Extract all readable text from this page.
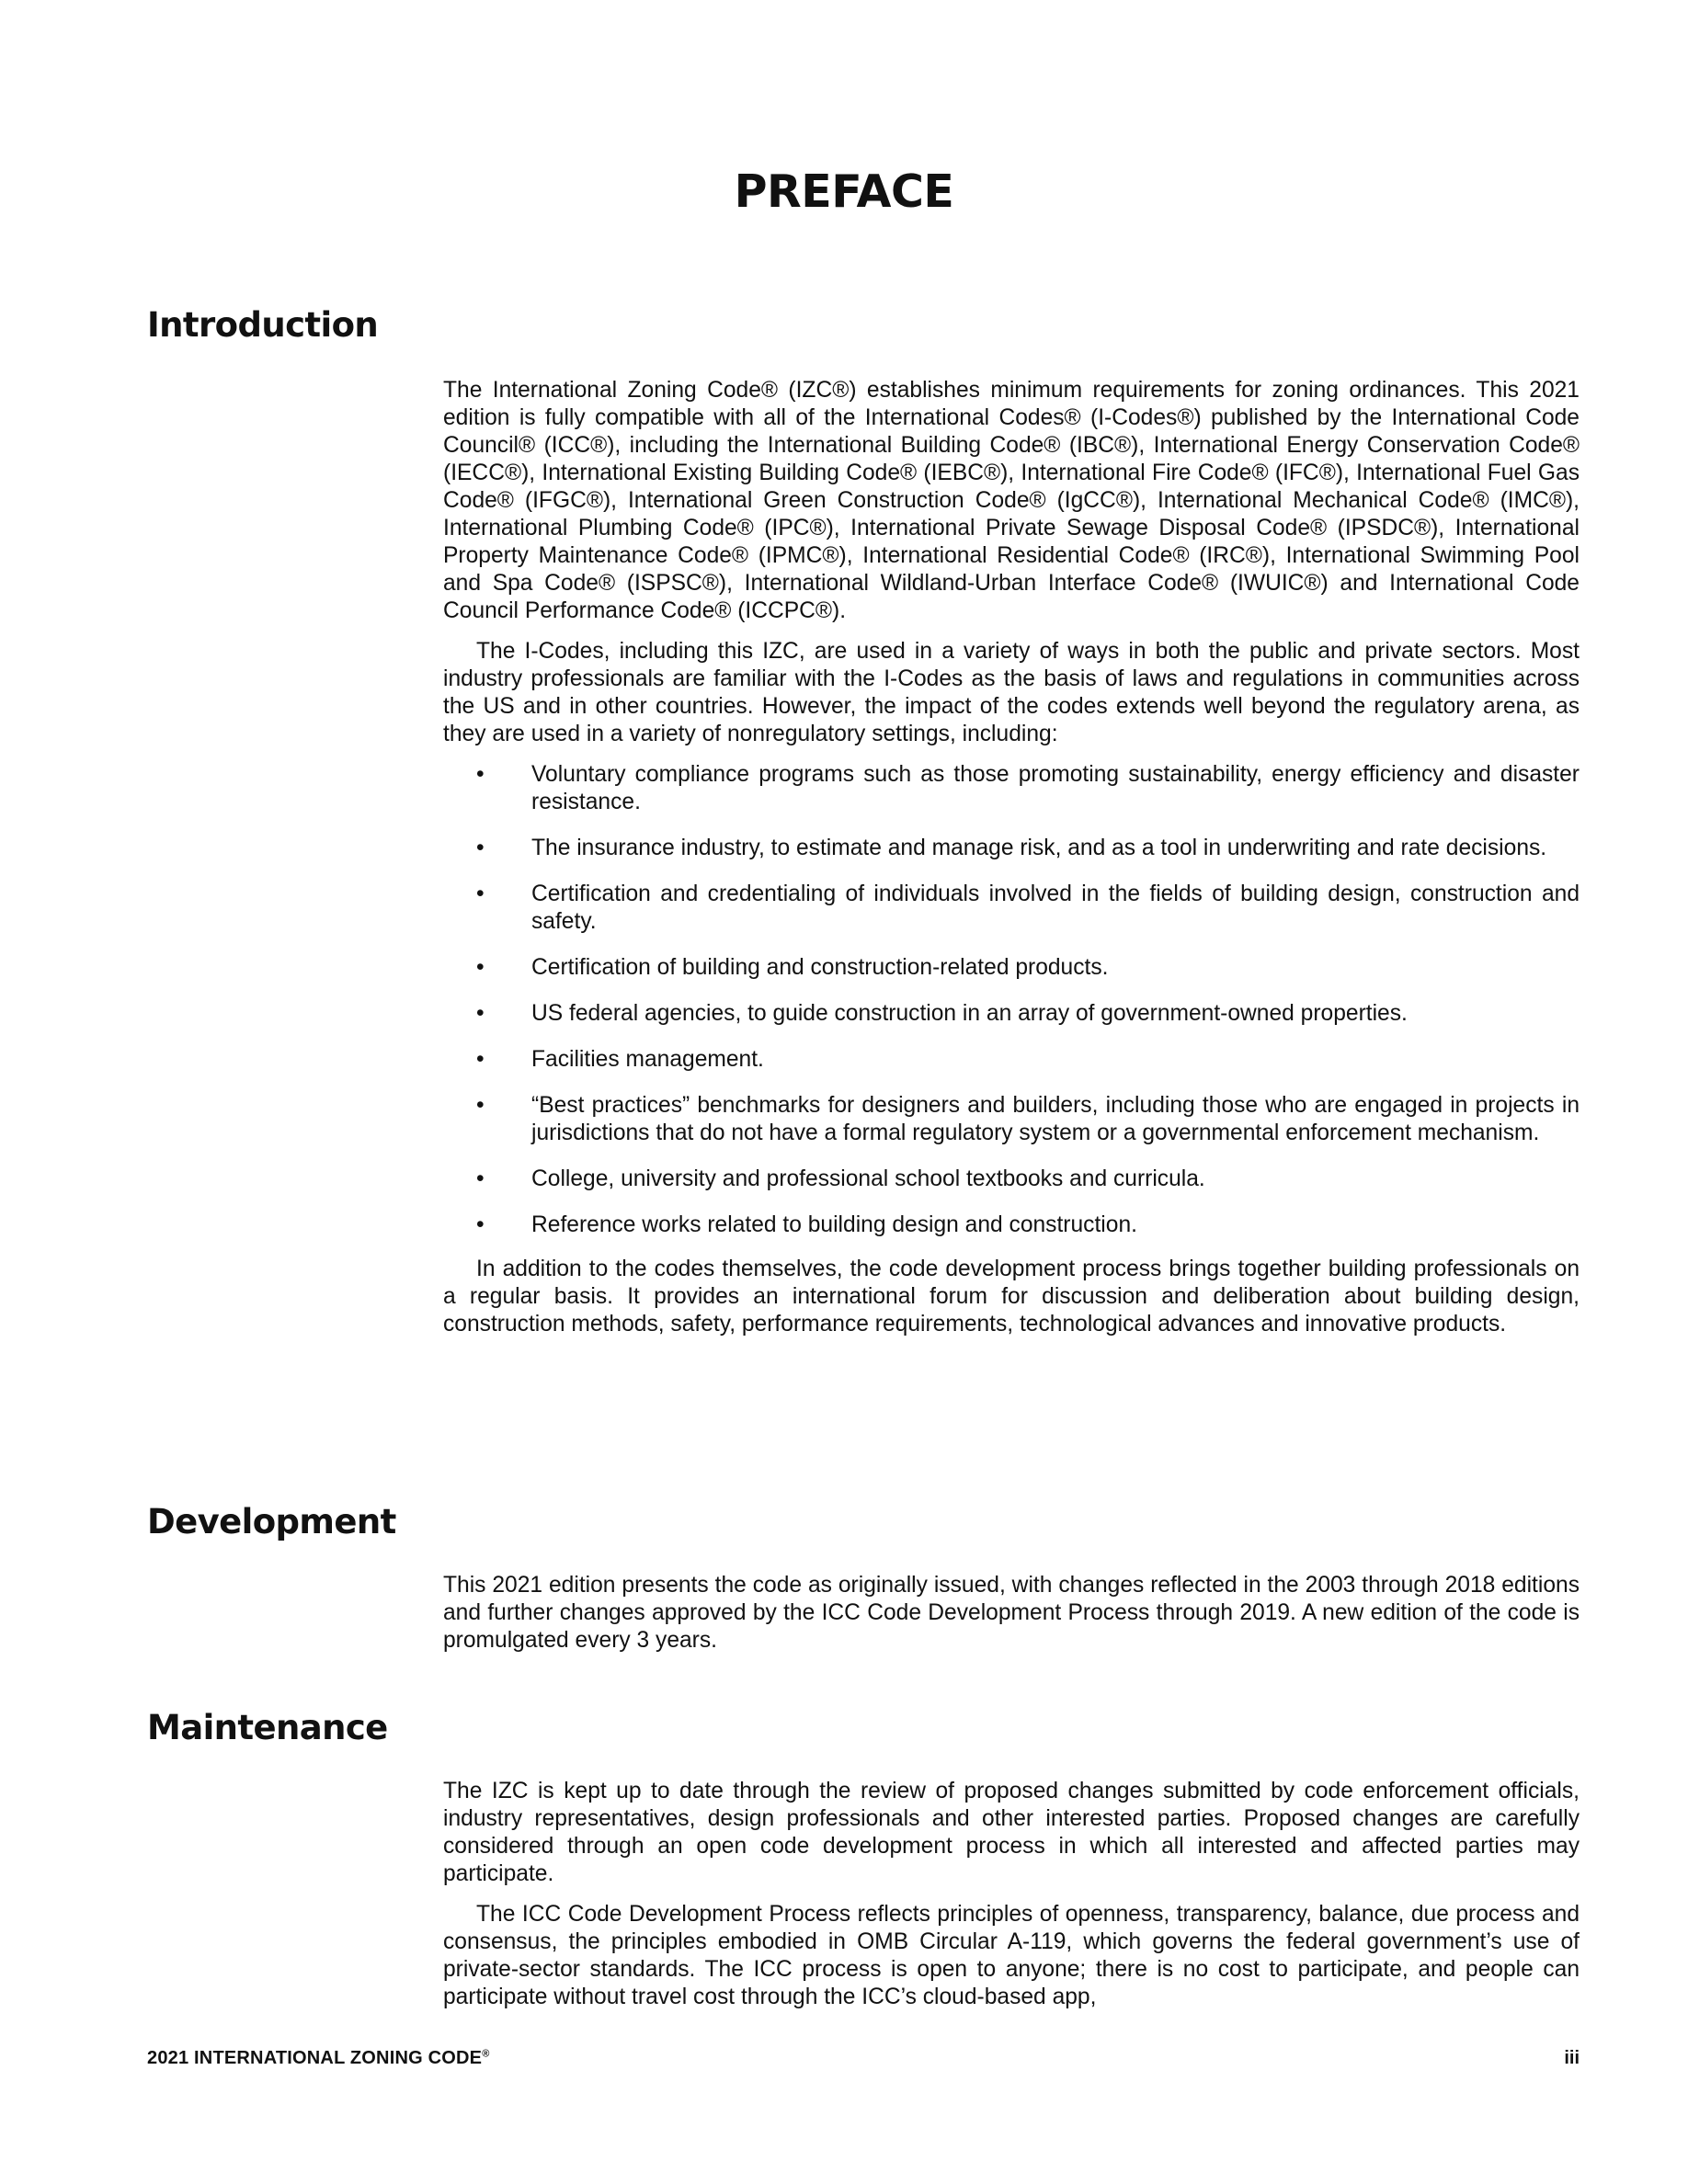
PREFACE
Introduction

The International Zoning Code® (IZC®) establishes minimum requirements for zoning ordinances. This 2021 edition is fully compatible with all of the International Codes® (I-Codes®) published by the International Code Council® (ICC®), including the International Building Code® (IBC®), International Energy Conservation Code® (IECC®), International Existing Building Code® (IEBC®), International Fire Code® (IFC®), International Fuel Gas Code® (IFGC®), International Green Construction Code® (IgCC®), International Mechanical Code® (IMC®), International Plumbing Code® (IPC®), International Private Sewage Disposal Code® (IPSDC®), International Property Maintenance Code® (IPMC®), International Residential Code® (IRC®), International Swimming Pool and Spa Code® (ISPSC®), International Wildland-Urban Interface Code® (IWUIC®) and International Code Council Performance Code® (ICCPC®).

The I-Codes, including this IZC, are used in a variety of ways in both the public and private sectors. Most industry professionals are familiar with the I-Codes as the basis of laws and regulations in communities across the US and in other countries. However, the impact of the codes extends well beyond the regulatory arena, as they are used in a variety of nonregulatory settings, including:

• Voluntary compliance programs such as those promoting sustainability, energy efficiency and disaster resistance.
• The insurance industry, to estimate and manage risk, and as a tool in underwriting and rate decisions.
• Certification and credentialing of individuals involved in the fields of building design, construction and safety.
• Certification of building and construction-related products.
• US federal agencies, to guide construction in an array of government-owned properties.
• Facilities management.
• “Best practices” benchmarks for designers and builders, including those who are engaged in projects in jurisdictions that do not have a formal regulatory system or a governmental enforcement mechanism.
• College, university and professional school textbooks and curricula.
• Reference works related to building design and construction.

In addition to the codes themselves, the code development process brings together building professionals on a regular basis. It provides an international forum for discussion and deliberation about building design, construction methods, safety, performance requirements, technological advances and innovative products.

Development

This 2021 edition presents the code as originally issued, with changes reflected in the 2003 through 2018 editions and further changes approved by the ICC Code Development Process through 2019. A new edition of the code is promulgated every 3 years.

Maintenance

The IZC is kept up to date through the review of proposed changes submitted by code enforcement officials, industry representatives, design professionals and other interested parties. Proposed changes are carefully considered through an open code development process in which all interested and affected parties may participate.

The ICC Code Development Process reflects principles of openness, transparency, balance, due process and consensus, the principles embodied in OMB Circular A-119, which governs the federal government’s use of private-sector standards. The ICC process is open to anyone; there is no cost to participate, and people can participate without travel cost through the ICC’s cloud-based app,

2021 INTERNATIONAL ZONING CODE®	iii
